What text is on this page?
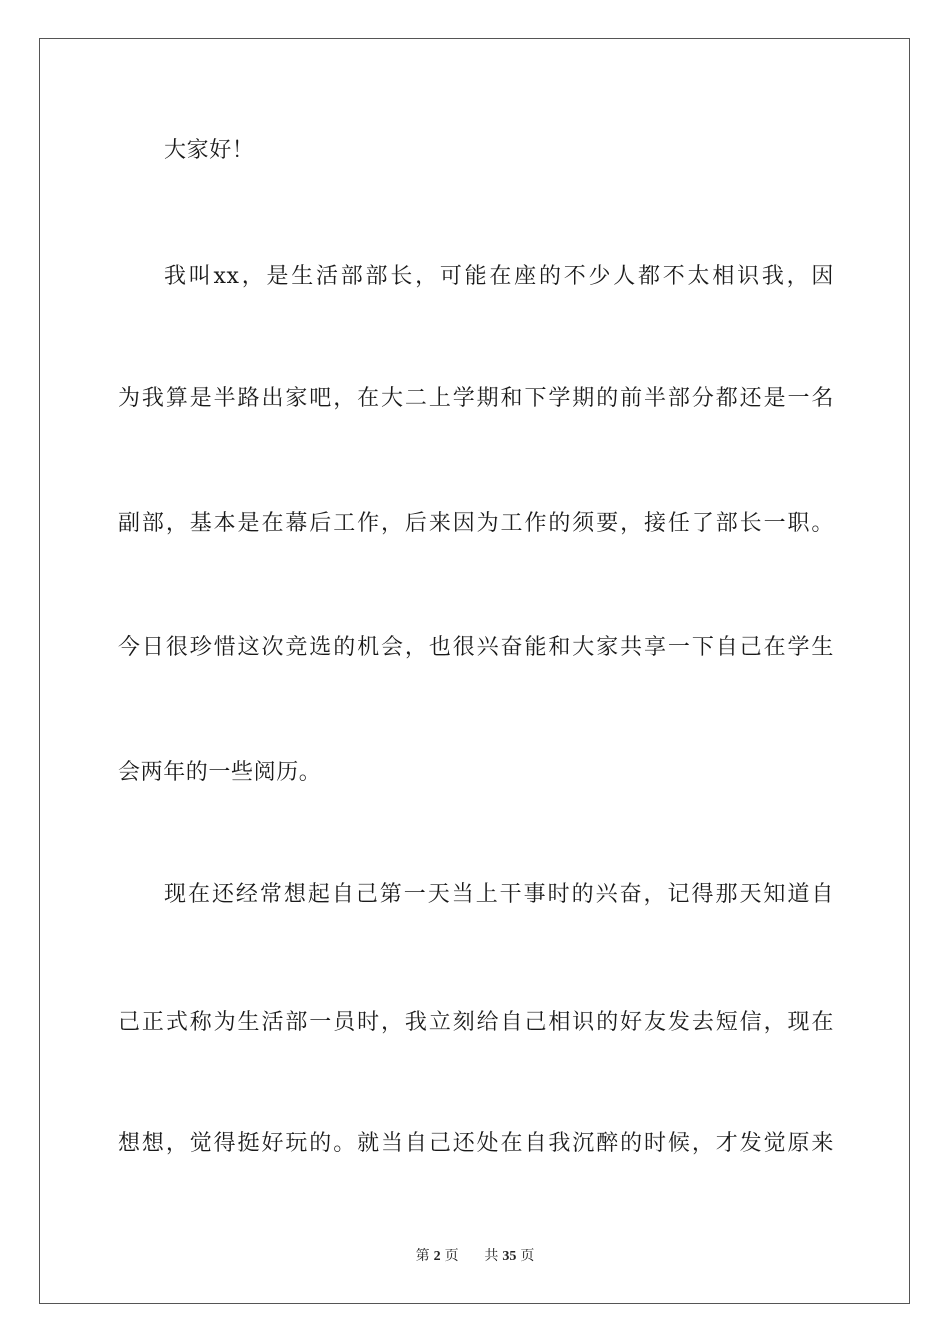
大家好！
我叫xx，是生活部部长，可能在座的不少人都不太相识我，因
为我算是半路出家吧，在大二上学期和下学期的前半部分都还是一名
副部，基本是在幕后工作，后来因为工作的须要，接任了部长一职。
今日很珍惜这次竞选的机会，也很兴奋能和大家共享一下自己在学生
会两年的一些阅历。
现在还经常想起自己第一天当上干事时的兴奋，记得那天知道自
己正式称为生活部一员时，我立刻给自己相识的好友发去短信，现在
想想，觉得挺好玩的。就当自己还处在自我沉醉的时候，才发觉原来
第 2 页 共 35 页
